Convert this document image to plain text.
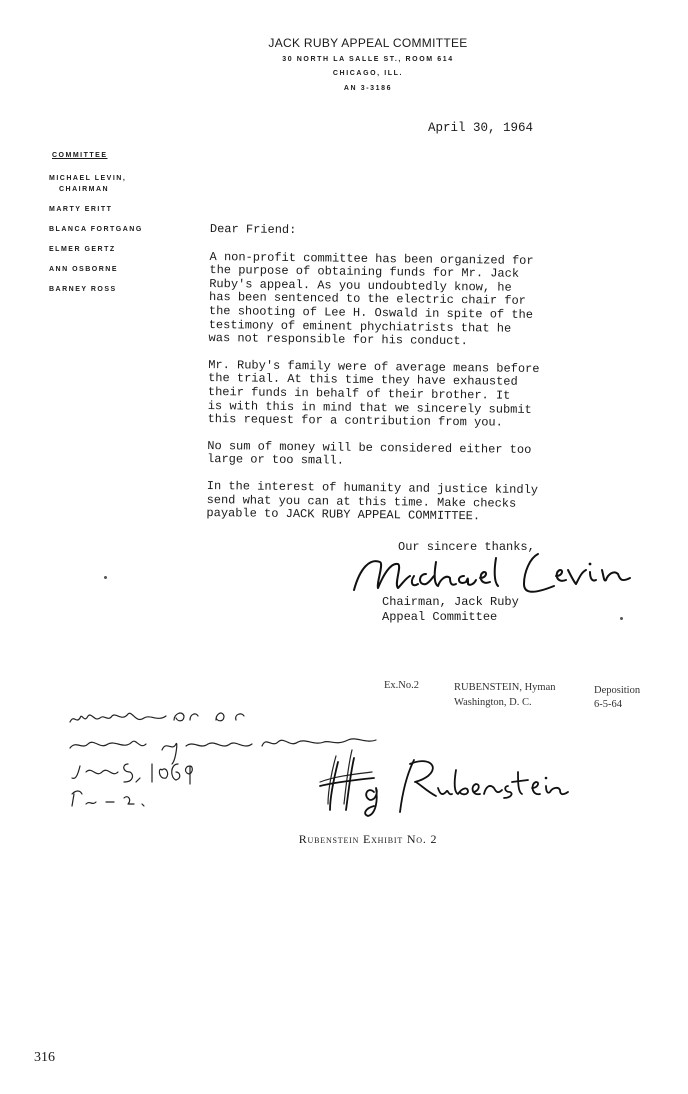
JACK RUBY APPEAL COMMITTEE
30 NORTH LA SALLE ST., ROOM 614
CHICAGO, ILL.
AN 3-3186
April 30, 1964
COMMITTEE
MICHAEL LEVIN,
CHAIRMAN
MARTY ERITT
BLANCA FORTGANG
ELMER GERTZ
ANN OSBORNE
BARNEY ROSS

Dear Friend:

A non-profit committee has been organized for
the purpose of obtaining funds for Mr. Jack
Ruby's appeal. As you undoubtedly know, he
has been sentenced to the electric chair for
the shooting of Lee H. Oswald in spite of the
testimony of eminent phychiatrists that he
was not responsible for his conduct.

Mr. Ruby's family were of average means before
the trial. At this time they have exhausted
their funds in behalf of their brother. It
is with this in mind that we sincerely submit
this request for a contribution from you.

No sum of money will be considered either too
large or too small.

In the interest of humanity and justice kindly
send what you can at this time. Make checks
payable to JACK RUBY APPEAL COMMITTEE.

Our sincere thanks,
Chairman, Jack Ruby
Appeal Committee
Ex.No.2	RUBENSTEIN, Hyman
Washington, D. C.
Deposition
6-5-64
Rubenstein Exhibit No. 2
316
